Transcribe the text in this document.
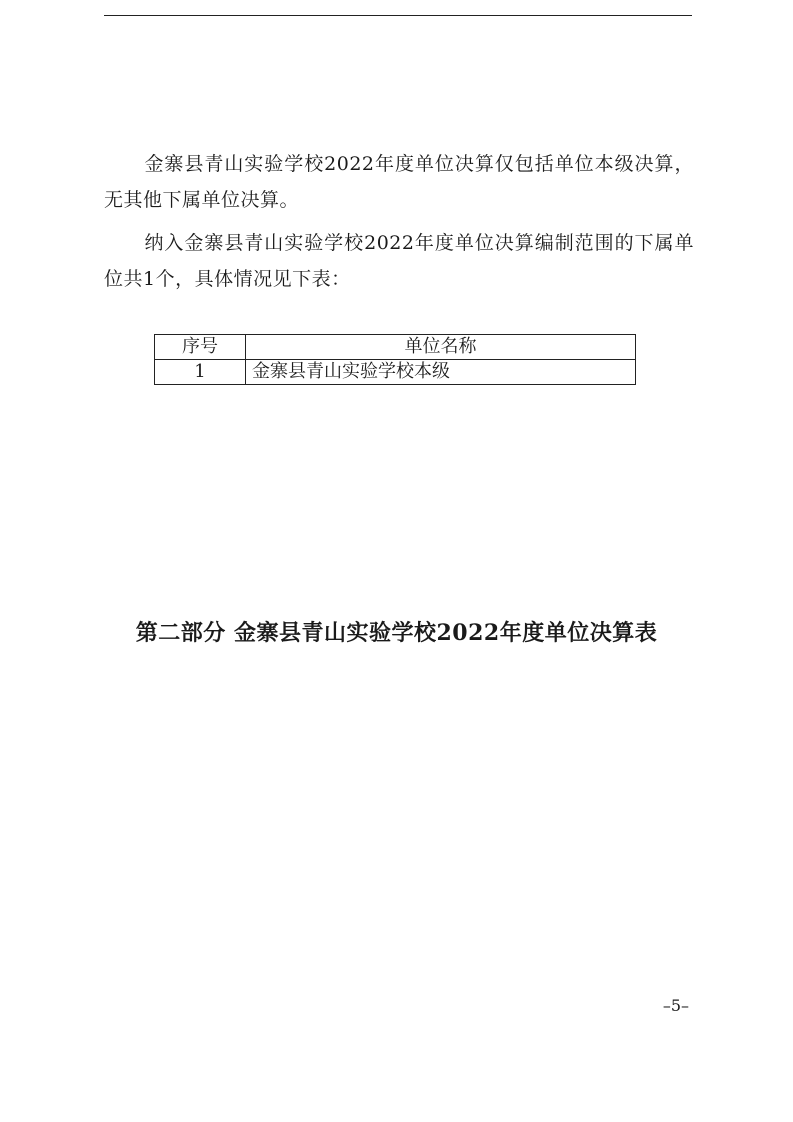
金寨县青山实验学校2022年度单位决算仅包括单位本级决算，无其他下属单位决算。

纳入金寨县青山实验学校2022年度单位决算编制范围的下属单位共1个，具体情况见下表：

序号	单位名称
1	金寨县青山实验学校本级
第二部分 金寨县青山实验学校2022年度单位决算表
–5–
